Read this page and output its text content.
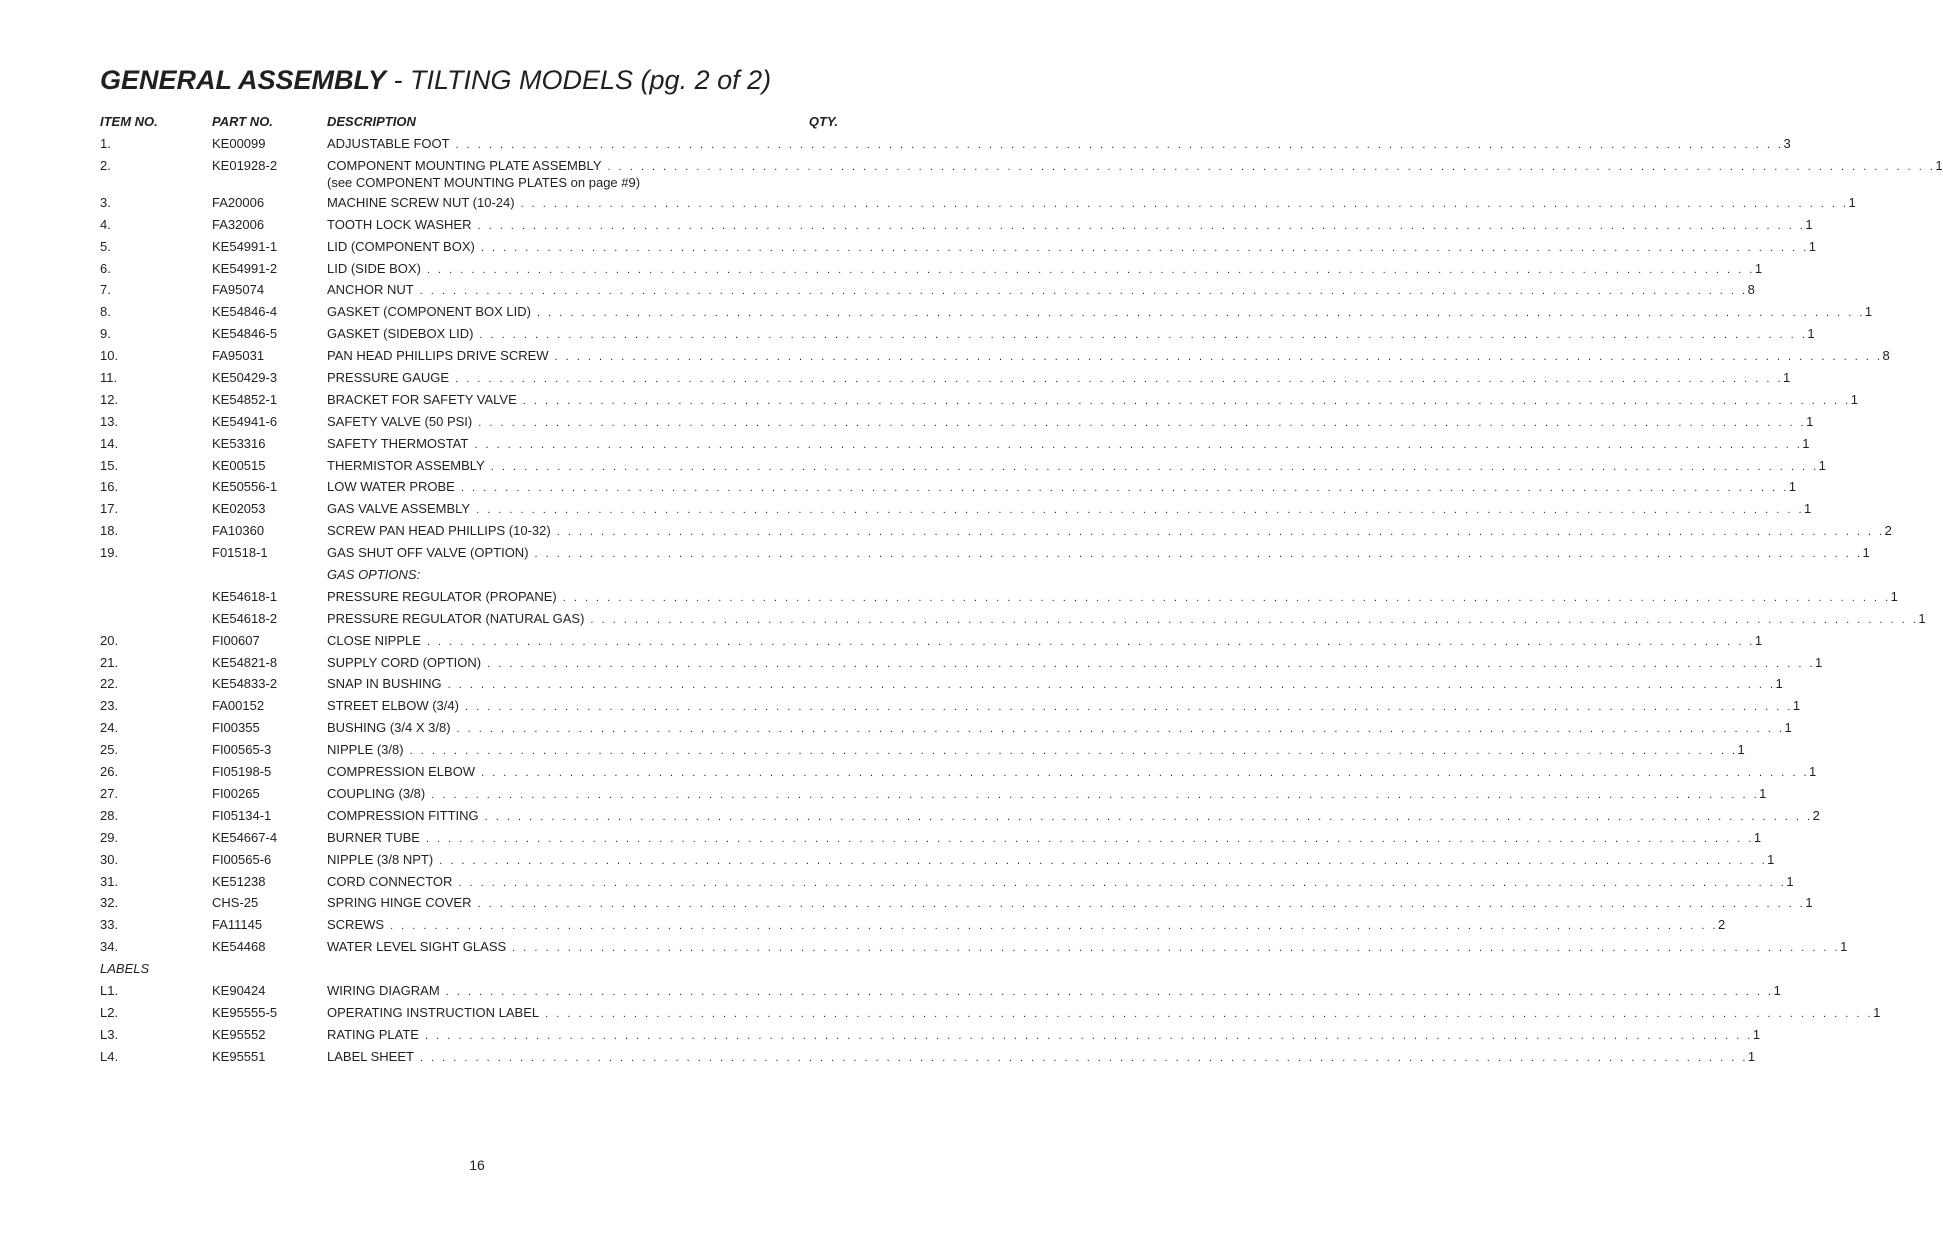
GENERAL ASSEMBLY - TILTING MODELS (pg. 2 of 2)
ITEM NO.	PART NO.	DESCRIPTION	QTY.
1.	KE00099	ADJUSTABLE FOOT . . . . . . . . . . . . . . . . . . . . . . . . . . . . . . . . . . . . . . . . . . . . . . . . . . . . . . . . . . . . . . . . . . . . . . . . . . . . . . . . . . . . . . . . . . . . . . . . . . . . . . . . . . . . . . . . . . . . . . . . 3
2.	KE01928-2	COMPONENT MOUNTING PLATE ASSEMBLY . . . . . . . . . . . . . . . . . . . . . . . . . . . . . . . . . . . . . . . . . . . . . . . . . . . . . . . . . . . . . . . . . . . . . . . . . . . . . . . . . . . . . . . . . . . . . . . . . . . . . . . . . . . . . . . . . . . . . . . . 1
(see COMPONENT MOUNTING PLATES on page #9)
3.	FA20006	MACHINE SCREW NUT (10-24) . . . . . . . . . . . . . . . . . . . . . . . . . . . . . . . . . . . . . . . . . . . . . . . . . . . . . . . . . . . . . . . . . . . . . . . . . . . . . . . . . . . . . . . . . . . . . . . . . . . . . . . . . . . . . . . . . . . . . . . . 1
4.	FA32006	TOOTH LOCK WASHER . . . . . . . . . . . . . . . . . . . . . . . . . . . . . . . . . . . . . . . . . . . . . . . . . . . . . . . . . . . . . . . . . . . . . . . . . . . . . . . . . . . . . . . . . . . . . . . . . . . . . . . . . . . . . . . . . . . . . . . . 1
5.	KE54991-1	LID (COMPONENT BOX) . . . . . . . . . . . . . . . . . . . . . . . . . . . . . . . . . . . . . . . . . . . . . . . . . . . . . . . . . . . . . . . . . . . . . . . . . . . . . . . . . . . . . . . . . . . . . . . . . . . . . . . . . . . . . . . . . . . . . . . . 1
6.	KE54991-2	LID (SIDE BOX) . . . . . . . . . . . . . . . . . . . . . . . . . . . . . . . . . . . . . . . . . . . . . . . . . . . . . . . . . . . . . . . . . . . . . . . . . . . . . . . . . . . . . . . . . . . . . . . . . . . . . . . . . . . . . . . . . . . . . . . . 1
7.	FA95074	ANCHOR NUT . . . . . . . . . . . . . . . . . . . . . . . . . . . . . . . . . . . . . . . . . . . . . . . . . . . . . . . . . . . . . . . . . . . . . . . . . . . . . . . . . . . . . . . . . . . . . . . . . . . . . . . . . . . . . . . . . . . . . . . . 8
8.	KE54846-4	GASKET (COMPONENT BOX LID) . . . . . . . . . . . . . . . . . . . . . . . . . . . . . . . . . . . . . . . . . . . . . . . . . . . . . . . . . . . . . . . . . . . . . . . . . . . . . . . . . . . . . . . . . . . . . . . . . . . . . . . . . . . . . . . . . . . . . . . . 1
9.	KE54846-5	GASKET (SIDEBOX LID) . . . . . . . . . . . . . . . . . . . . . . . . . . . . . . . . . . . . . . . . . . . . . . . . . . . . . . . . . . . . . . . . . . . . . . . . . . . . . . . . . . . . . . . . . . . . . . . . . . . . . . . . . . . . . . . . . . . . . . . . 1
10.	FA95031	PAN HEAD PHILLIPS DRIVE SCREW . . . . . . . . . . . . . . . . . . . . . . . . . . . . . . . . . . . . . . . . . . . . . . . . . . . . . . . . . . . . . . . . . . . . . . . . . . . . . . . . . . . . . . . . . . . . . . . . . . . . . . . . . . . . . . . . . . . . . . . . 8
11.	KE50429-3	PRESSURE GAUGE . . . . . . . . . . . . . . . . . . . . . . . . . . . . . . . . . . . . . . . . . . . . . . . . . . . . . . . . . . . . . . . . . . . . . . . . . . . . . . . . . . . . . . . . . . . . . . . . . . . . . . . . . . . . . . . . . . . . . . . . 1
12.	KE54852-1	BRACKET FOR SAFETY VALVE . . . . . . . . . . . . . . . . . . . . . . . . . . . . . . . . . . . . . . . . . . . . . . . . . . . . . . . . . . . . . . . . . . . . . . . . . . . . . . . . . . . . . . . . . . . . . . . . . . . . . . . . . . . . . . . . . . . . . . . . 1
13.	KE54941-6	SAFETY VALVE (50 PSI) . . . . . . . . . . . . . . . . . . . . . . . . . . . . . . . . . . . . . . . . . . . . . . . . . . . . . . . . . . . . . . . . . . . . . . . . . . . . . . . . . . . . . . . . . . . . . . . . . . . . . . . . . . . . . . . . . . . . . . . . 1
14.	KE53316	SAFETY THERMOSTAT . . . . . . . . . . . . . . . . . . . . . . . . . . . . . . . . . . . . . . . . . . . . . . . . . . . . . . . . . . . . . . . . . . . . . . . . . . . . . . . . . . . . . . . . . . . . . . . . . . . . . . . . . . . . . . . . . . . . . . . . 1
15.	KE00515	THERMISTOR ASSEMBLY . . . . . . . . . . . . . . . . . . . . . . . . . . . . . . . . . . . . . . . . . . . . . . . . . . . . . . . . . . . . . . . . . . . . . . . . . . . . . . . . . . . . . . . . . . . . . . . . . . . . . . . . . . . . . . . . . . . . . . . . 1
16.	KE50556-1	LOW WATER PROBE . . . . . . . . . . . . . . . . . . . . . . . . . . . . . . . . . . . . . . . . . . . . . . . . . . . . . . . . . . . . . . . . . . . . . . . . . . . . . . . . . . . . . . . . . . . . . . . . . . . . . . . . . . . . . . . . . . . . . . . . 1
17.	KE02053	GAS VALVE ASSEMBLY . . . . . . . . . . . . . . . . . . . . . . . . . . . . . . . . . . . . . . . . . . . . . . . . . . . . . . . . . . . . . . . . . . . . . . . . . . . . . . . . . . . . . . . . . . . . . . . . . . . . . . . . . . . . . . . . . . . . . . . . 1
18.	FA10360	SCREW PAN HEAD PHILLIPS (10-32) . . . . . . . . . . . . . . . . . . . . . . . . . . . . . . . . . . . . . . . . . . . . . . . . . . . . . . . . . . . . . . . . . . . . . . . . . . . . . . . . . . . . . . . . . . . . . . . . . . . . . . . . . . . . . . . . . . . . . . . . 2
19.	F01518-1	GAS SHUT OFF VALVE (OPTION) . . . . . . . . . . . . . . . . . . . . . . . . . . . . . . . . . . . . . . . . . . . . . . . . . . . . . . . . . . . . . . . . . . . . . . . . . . . . . . . . . . . . . . . . . . . . . . . . . . . . . . . . . . . . . . . . . . . . . . . . 1
GAS OPTIONS:
KE54618-1	PRESSURE REGULATOR (PROPANE) . . . . . . . . . . . . . . . . . . . . . . . . . . . . . . . . . . . . . . . . . . . . . . . . . . . . . . . . . . . . . . . . . . . . . . . . . . . . . . . . . . . . . . . . . . . . . . . . . . . . . . . . . . . . . . . . . . . . . . . . 1
KE54618-2	PRESSURE REGULATOR (NATURAL GAS) . . . . . . . . . . . . . . . . . . . . . . . . . . . . . . . . . . . . . . . . . . . . . . . . . . . . . . . . . . . . . . . . . . . . . . . . . . . . . . . . . . . . . . . . . . . . . . . . . . . . . . . . . . . . . . . . . . . . . . . . 1
20.	FI00607	CLOSE NIPPLE . . . . . . . . . . . . . . . . . . . . . . . . . . . . . . . . . . . . . . . . . . . . . . . . . . . . . . . . . . . . . . . . . . . . . . . . . . . . . . . . . . . . . . . . . . . . . . . . . . . . . . . . . . . . . . . . . . . . . . . . 1
21.	KE54821-8	SUPPLY CORD (OPTION) . . . . . . . . . . . . . . . . . . . . . . . . . . . . . . . . . . . . . . . . . . . . . . . . . . . . . . . . . . . . . . . . . . . . . . . . . . . . . . . . . . . . . . . . . . . . . . . . . . . . . . . . . . . . . . . . . . . . . . . . 1
22.	KE54833-2	SNAP IN BUSHING . . . . . . . . . . . . . . . . . . . . . . . . . . . . . . . . . . . . . . . . . . . . . . . . . . . . . . . . . . . . . . . . . . . . . . . . . . . . . . . . . . . . . . . . . . . . . . . . . . . . . . . . . . . . . . . . . . . . . . . . 1
23.	FA00152	STREET ELBOW (3/4) . . . . . . . . . . . . . . . . . . . . . . . . . . . . . . . . . . . . . . . . . . . . . . . . . . . . . . . . . . . . . . . . . . . . . . . . . . . . . . . . . . . . . . . . . . . . . . . . . . . . . . . . . . . . . . . . . . . . . . . . 1
24.	FI00355	BUSHING (3/4 X 3/8) . . . . . . . . . . . . . . . . . . . . . . . . . . . . . . . . . . . . . . . . . . . . . . . . . . . . . . . . . . . . . . . . . . . . . . . . . . . . . . . . . . . . . . . . . . . . . . . . . . . . . . . . . . . . . . . . . . . . . . . . 1
25.	FI00565-3	NIPPLE (3/8) . . . . . . . . . . . . . . . . . . . . . . . . . . . . . . . . . . . . . . . . . . . . . . . . . . . . . . . . . . . . . . . . . . . . . . . . . . . . . . . . . . . . . . . . . . . . . . . . . . . . . . . . . . . . . . . . . . . . . . . . 1
26.	FI05198-5	COMPRESSION ELBOW . . . . . . . . . . . . . . . . . . . . . . . . . . . . . . . . . . . . . . . . . . . . . . . . . . . . . . . . . . . . . . . . . . . . . . . . . . . . . . . . . . . . . . . . . . . . . . . . . . . . . . . . . . . . . . . . . . . . . . . . 1
27.	FI00265	COUPLING (3/8) . . . . . . . . . . . . . . . . . . . . . . . . . . . . . . . . . . . . . . . . . . . . . . . . . . . . . . . . . . . . . . . . . . . . . . . . . . . . . . . . . . . . . . . . . . . . . . . . . . . . . . . . . . . . . . . . . . . . . . . . 1
28.	FI05134-1	COMPRESSION FITTING . . . . . . . . . . . . . . . . . . . . . . . . . . . . . . . . . . . . . . . . . . . . . . . . . . . . . . . . . . . . . . . . . . . . . . . . . . . . . . . . . . . . . . . . . . . . . . . . . . . . . . . . . . . . . . . . . . . . . . . . 2
29.	KE54667-4	BURNER TUBE . . . . . . . . . . . . . . . . . . . . . . . . . . . . . . . . . . . . . . . . . . . . . . . . . . . . . . . . . . . . . . . . . . . . . . . . . . . . . . . . . . . . . . . . . . . . . . . . . . . . . . . . . . . . . . . . . . . . . . . . 1
30.	FI00565-6	NIPPLE (3/8 NPT) . . . . . . . . . . . . . . . . . . . . . . . . . . . . . . . . . . . . . . . . . . . . . . . . . . . . . . . . . . . . . . . . . . . . . . . . . . . . . . . . . . . . . . . . . . . . . . . . . . . . . . . . . . . . . . . . . . . . . . . . 1
31.	KE51238	CORD CONNECTOR . . . . . . . . . . . . . . . . . . . . . . . . . . . . . . . . . . . . . . . . . . . . . . . . . . . . . . . . . . . . . . . . . . . . . . . . . . . . . . . . . . . . . . . . . . . . . . . . . . . . . . . . . . . . . . . . . . . . . . . . 1
32.	CHS-25	SPRING HINGE COVER . . . . . . . . . . . . . . . . . . . . . . . . . . . . . . . . . . . . . . . . . . . . . . . . . . . . . . . . . . . . . . . . . . . . . . . . . . . . . . . . . . . . . . . . . . . . . . . . . . . . . . . . . . . . . . . . . . . . . . . . 1
33.	FA11145	SCREWS . . . . . . . . . . . . . . . . . . . . . . . . . . . . . . . . . . . . . . . . . . . . . . . . . . . . . . . . . . . . . . . . . . . . . . . . . . . . . . . . . . . . . . . . . . . . . . . . . . . . . . . . . . . . . . . . . . . . . . . . 2
34.	KE54468	WATER LEVEL SIGHT GLASS . . . . . . . . . . . . . . . . . . . . . . . . . . . . . . . . . . . . . . . . . . . . . . . . . . . . . . . . . . . . . . . . . . . . . . . . . . . . . . . . . . . . . . . . . . . . . . . . . . . . . . . . . . . . . . . . . . . . . . . . 1
LABELS
L1.	KE90424	WIRING DIAGRAM . . . . . . . . . . . . . . . . . . . . . . . . . . . . . . . . . . . . . . . . . . . . . . . . . . . . . . . . . . . . . . . . . . . . . . . . . . . . . . . . . . . . . . . . . . . . . . . . . . . . . . . . . . . . . . . . . . . . . . . . 1
L2.	KE95555-5	OPERATING INSTRUCTION LABEL . . . . . . . . . . . . . . . . . . . . . . . . . . . . . . . . . . . . . . . . . . . . . . . . . . . . . . . . . . . . . . . . . . . . . . . . . . . . . . . . . . . . . . . . . . . . . . . . . . . . . . . . . . . . . . . . . . . . . . . . 1
L3.	KE95552	RATING PLATE . . . . . . . . . . . . . . . . . . . . . . . . . . . . . . . . . . . . . . . . . . . . . . . . . . . . . . . . . . . . . . . . . . . . . . . . . . . . . . . . . . . . . . . . . . . . . . . . . . . . . . . . . . . . . . . . . . . . . . . . 1
L4.	KE95551	LABEL SHEET . . . . . . . . . . . . . . . . . . . . . . . . . . . . . . . . . . . . . . . . . . . . . . . . . . . . . . . . . . . . . . . . . . . . . . . . . . . . . . . . . . . . . . . . . . . . . . . . . . . . . . . . . . . . . . . . . . . . . . . . 1
16
